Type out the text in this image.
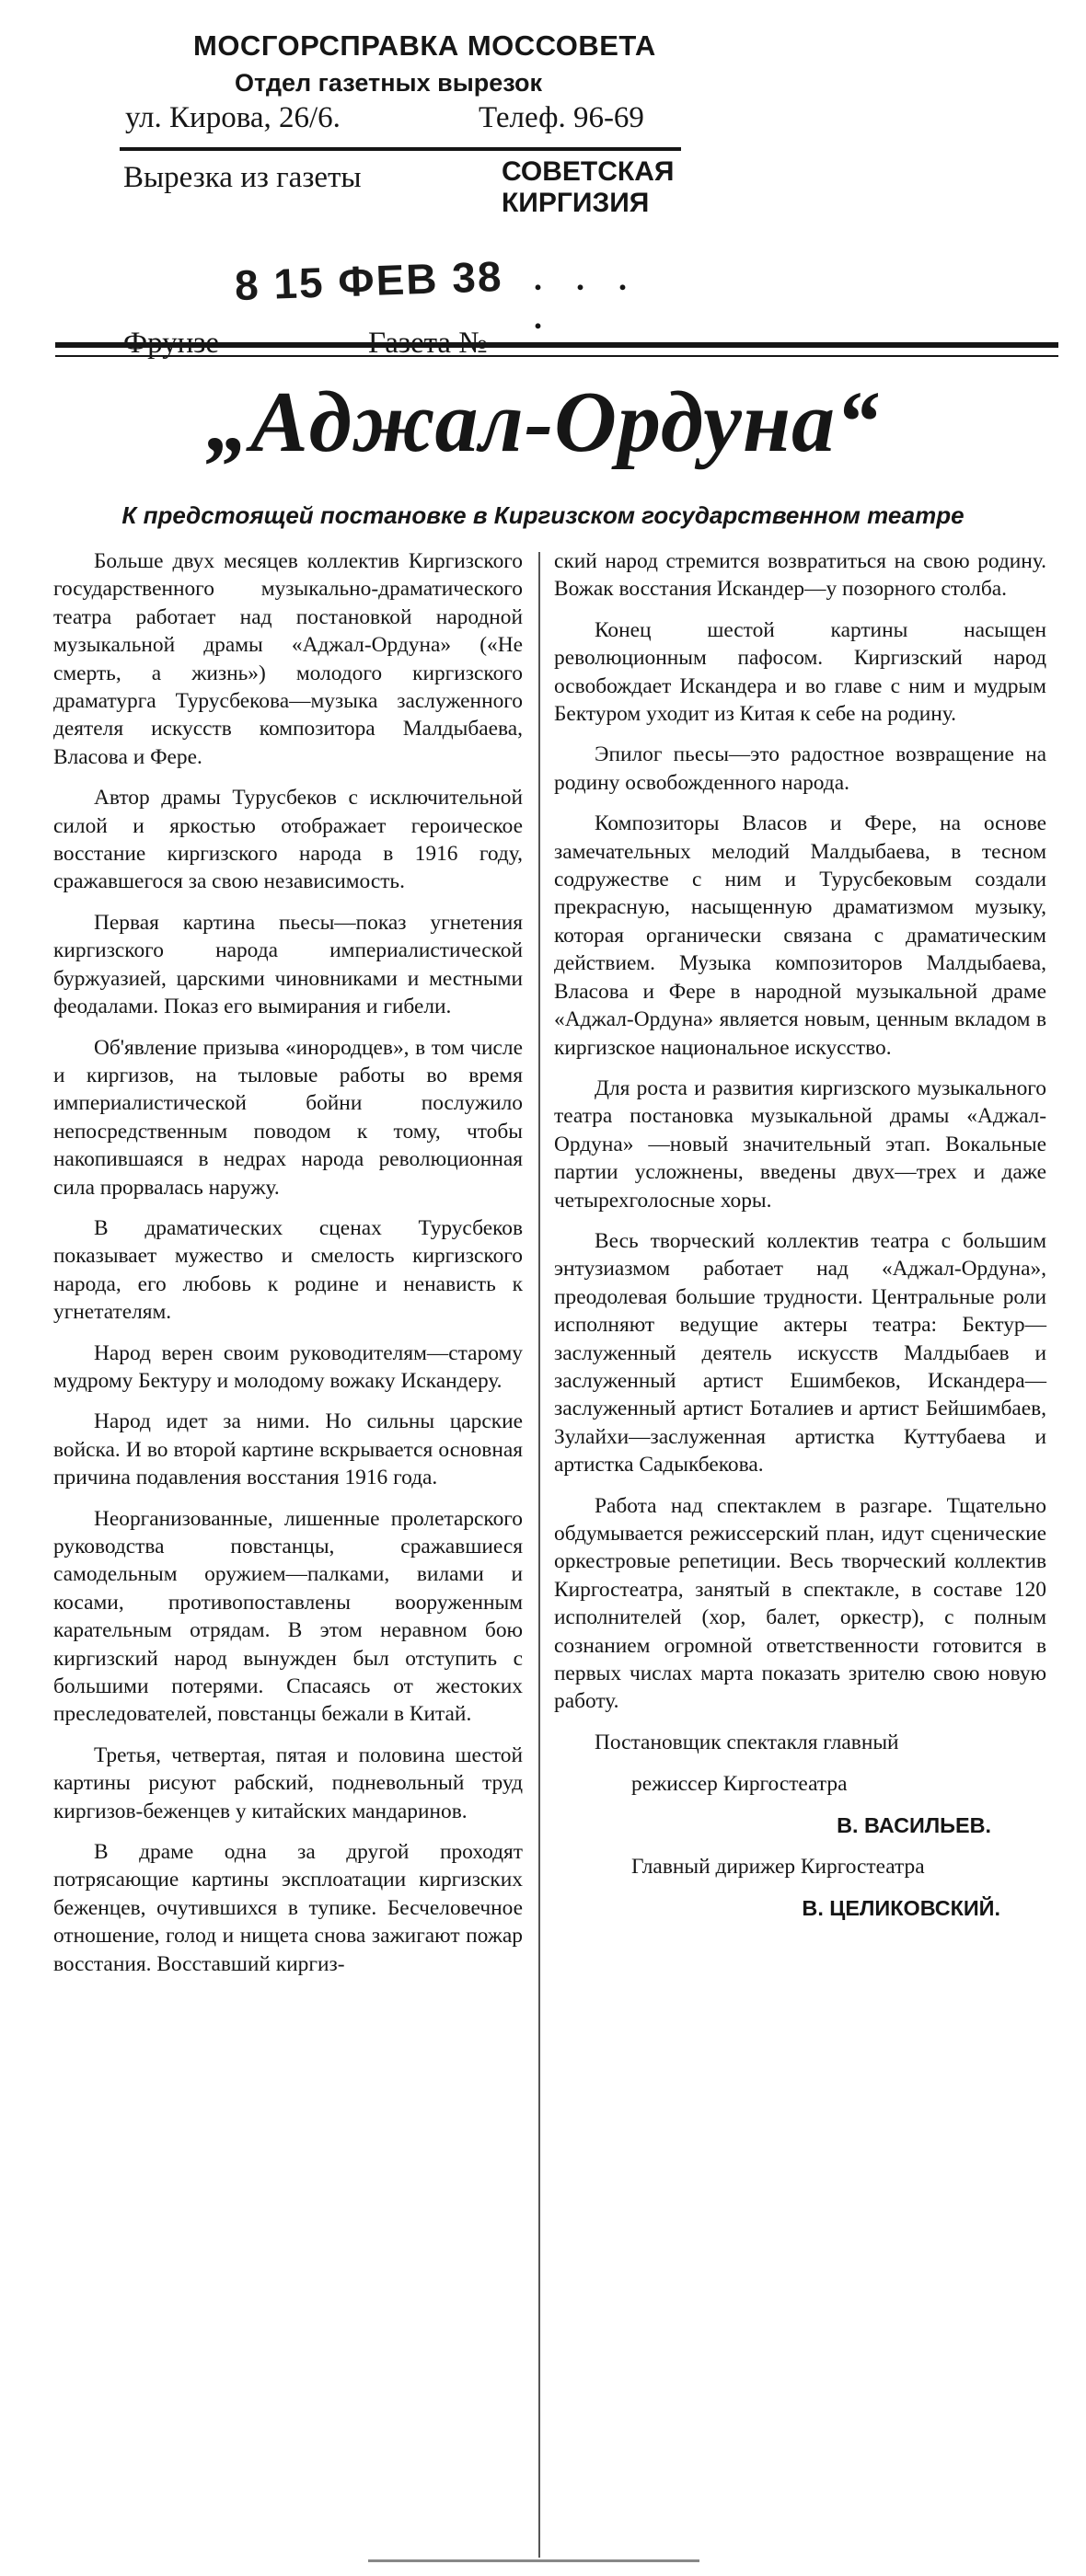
МОСГОРСПРАВКА МОССОВЕТА
Отдел газетных вырезок
ул. Кирова, 26/6.	Телеф. 96-69
Вырезка из газеты	СОВЕТСКАЯ
КИРГИЗИЯ
8 15 ФЕВ 38 . . . .
„Аджал-Ордуна“
К предстоящей постановке в Киргизском государственном театре

Больше двух месяцев коллектив Киргизского государственного музыкально-драматического театра работает над постановкой народной музыкальной драмы «Аджал-Ордуна» («Не смерть, а жизнь») молодого киргизского драматурга Турусбекова—музыка заслуженного деятеля искусств композитора Малдыбаева, Власова и Фере.

Автор драмы Турусбеков с исключительной силой и яркостью отображает героическое восстание киргизского народа в 1916 году, сражавшегося за свою независимость.

Первая картина пьесы—показ угнетения киргизского народа империалистической буржуазией, царскими чиновниками и местными феодалами. Показ его вымирания и гибели.

Об'явление призыва «инородцев», в том числе и киргизов, на тыловые работы во время империалистической бойни послужило непосредственным поводом к тому, чтобы накопившаяся в недрах народа революционная сила прорвалась наружу.

В драматических сценах Турусбеков показывает мужество и смелость киргизского народа, его любовь к родине и ненависть к угнетателям.

Народ верен своим руководителям—старому мудрому Бектуру и молодому вожаку Искандеру.

Народ идет за ними. Но сильны царские войска. И во второй картине вскрывается основная причина подавления восстания 1916 года.

Неорганизованные, лишенные пролетарского руководства повстанцы, сражавшиеся самодельным оружием—палками, вилами и косами, противопоставлены вооруженным карательным отрядам. В этом неравном бою киргизский народ вынужден был отступить с большими потерями. Спасаясь от жестоких преследователей, повстанцы бежали в Китай.

Третья, четвертая, пятая и половина шестой картины рисуют рабский, подневольный труд киргизов-беженцев у китайских мандаринов.

В драме одна за другой проходят потрясающие картины эксплоатации киргизских беженцев, очутившихся в тупике. Бесчеловечное отношение, голод и нищета снова зажигают пожар восстания. Восставший киргиз-

ский народ стремится возвратиться на свою родину. Вожак восстания Искандер—у позорного столба.

Конец шестой картины насыщен революционным пафосом. Киргизский народ освобождает Искандера и во главе с ним и мудрым Бектуром уходит из Китая к себе на родину.

Эпилог пьесы—это радостное возвращение на родину освобожденного народа.

Композиторы Власов и Фере, на основе замечательных мелодий Малдыбаева, в тесном содружестве с ним и Турусбековым создали прекрасную, насыщенную драматизмом музыку, которая органически связана с драматическим действием. Музыка композиторов Малдыбаева, Власова и Фере в народной музыкальной драме «Аджал-Ордуна» является новым, ценным вкладом в киргизское национальное искусство.

Для роста и развития киргизского музыкального театра постановка музыкальной драмы «Аджал-Ордуна» —новый значительный этап. Вокальные партии усложнены, введены двух—трех и даже четырехголосные хоры.

Весь творческий коллектив театра с большим энтузиазмом работает над «Аджал-Ордуна», преодолевая большие трудности. Центральные роли исполняют ведущие актеры театра: Бектур—заслуженный деятель искусств Малдыбаев и заслуженный артист Ешимбеков, Искандера—заслуженный артист Боталиев и артист Бейшимбаев, Зулайхи—заслуженная артистка Куттубаева и артистка Садыкбекова.

Работа над спектаклем в разгаре. Тщательно обдумывается режиссерский план, идут сценические оркестровые репетиции. Весь творческий коллектив Киргостеатра, занятый в спектакле, в составе 120 исполнителей (хор, балет, оркестр), с полным сознанием огромной ответственности готовится в первых числах марта показать зрителю свою новую работу.

Постановщик спектакля главный

режиссер Киргостеатра

В. ВАСИЛЬЕВ.

Главный дирижер Киргостеатра

В. ЦЕЛИКОВСКИЙ.
